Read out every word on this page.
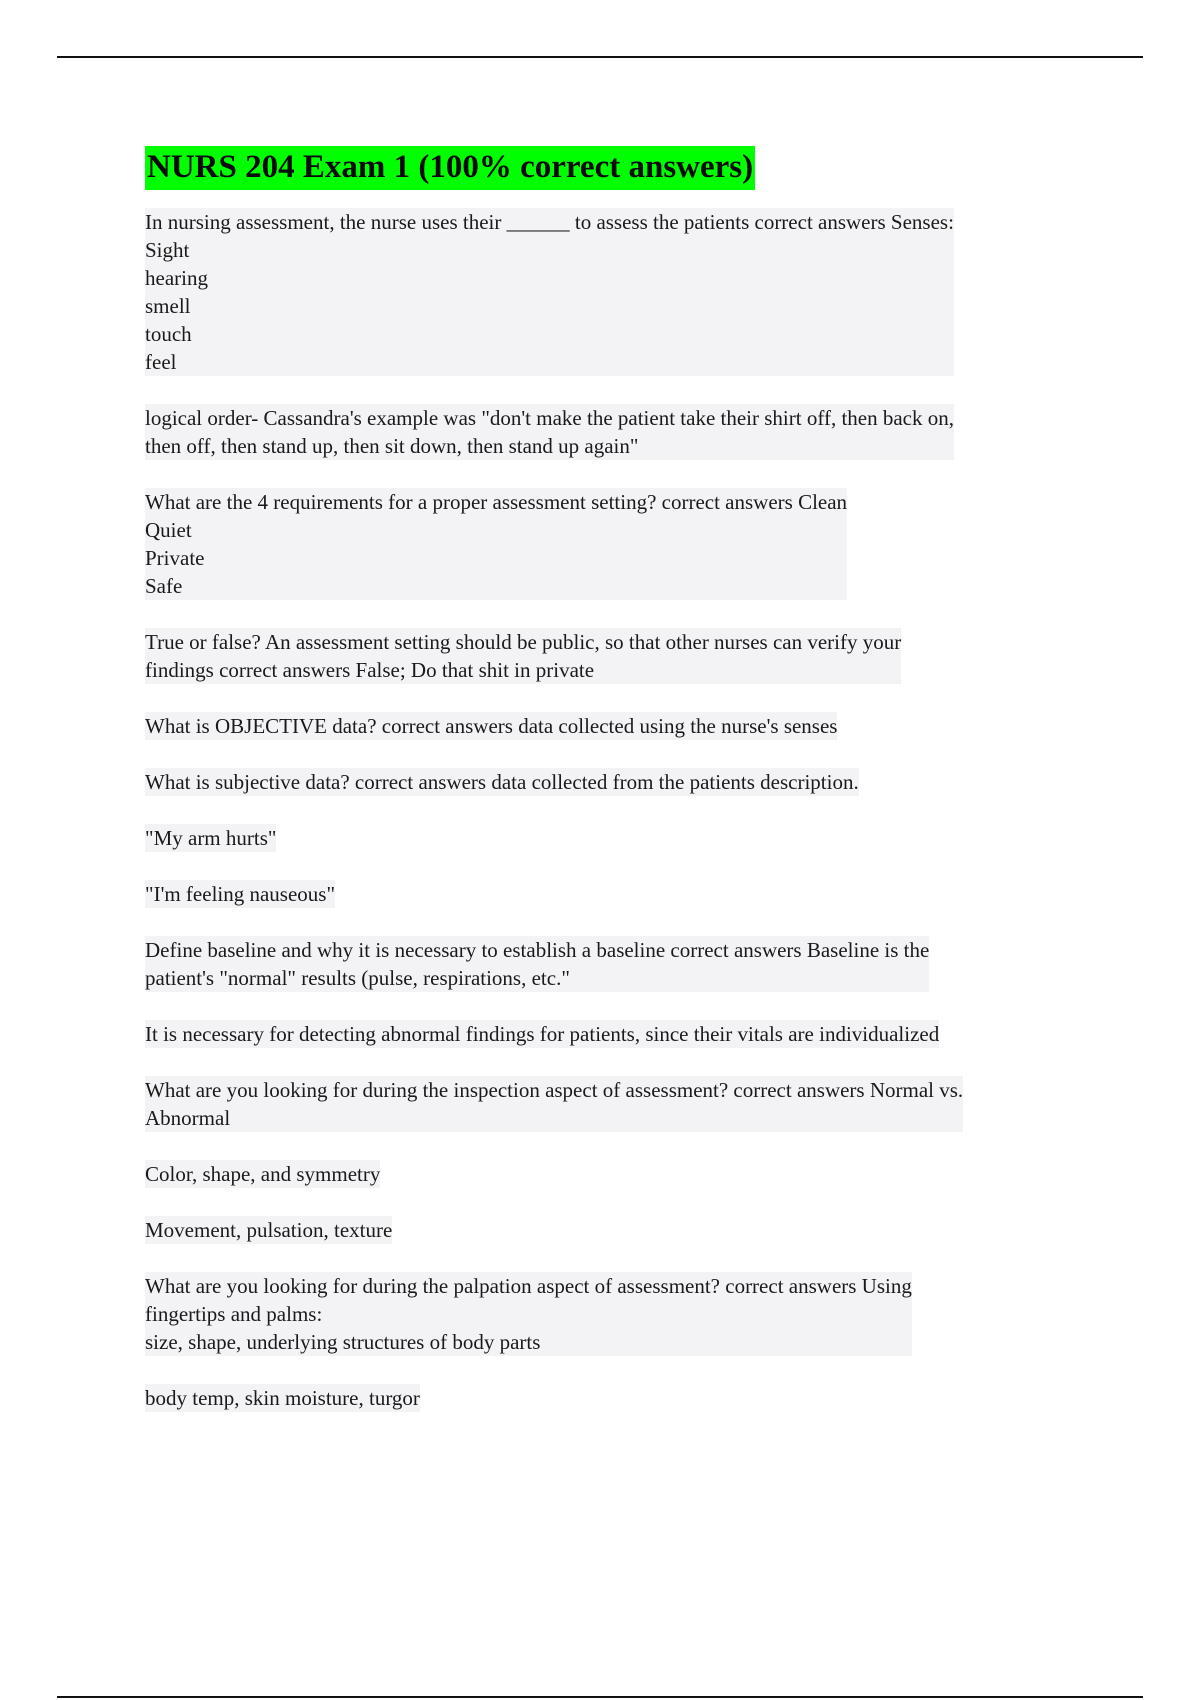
NURS 204 Exam 1 (100% correct answers)
In nursing assessment, the nurse uses their ______ to assess the patients correct answers Senses:
Sight
hearing
smell
touch
feel
logical order- Cassandra's example was "don't make the patient take their shirt off, then back on,
then off, then stand up, then sit down, then stand up again"
What are the 4 requirements for a proper assessment setting? correct answers Clean
Quiet
Private
Safe
True or false? An assessment setting should be public, so that other nurses can verify your
findings correct answers False; Do that shit in private
What is OBJECTIVE data? correct answers data collected using the nurse's senses
What is subjective data? correct answers data collected from the patients description.
"My arm hurts"
"I'm feeling nauseous"
Define baseline and why it is necessary to establish a baseline correct answers Baseline is the
patient's "normal" results (pulse, respirations, etc."
It is necessary for detecting abnormal findings for patients, since their vitals are individualized
What are you looking for during the inspection aspect of assessment? correct answers Normal vs.
Abnormal
Color, shape, and symmetry
Movement, pulsation, texture
What are you looking for during the palpation aspect of assessment? correct answers Using
fingertips and palms:
size, shape, underlying structures of body parts
body temp, skin moisture, turgor
